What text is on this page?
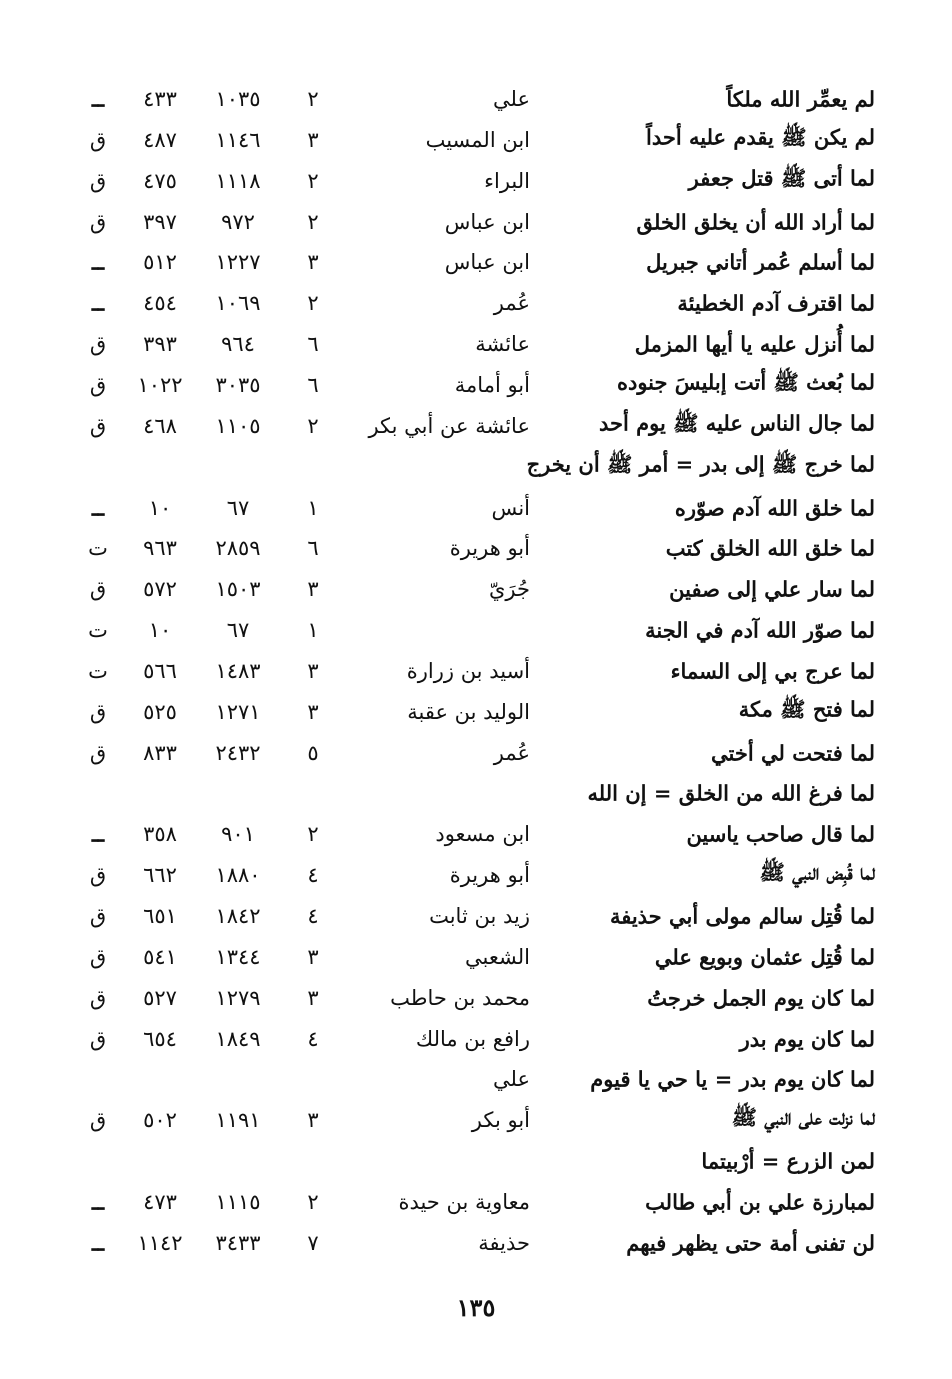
لم يعمِّر الله ملكاً
علي
٢
١٠٣٥
٤٣٣
ــ
لم يكن ﷺ يقدم عليه أحداً
ابن المسيب
٣
١١٤٦
٤٨٧
ق
لما أتى ﷺ قتل جعفر
البراء
٢
١١١٨
٤٧٥
ق
لما أراد الله أن يخلق الخلق
ابن عباس
٢
٩٧٢
٣٩٧
ق
لما أسلم عُمر أتاني جبريل
ابن عباس
٣
١٢٢٧
٥١٢
ــ
لما اقترف آدم الخطيئة
عُمر
٢
١٠٦٩
٤٥٤
ــ
لما أُنزل عليه يا أيها المزمل
عائشة
٦
٩٦٤
٣٩٣
ق
لما بُعث ﷺ أتت إبليسَ جنوده
أبو أمامة
٦
٣٠٣٥
١٠٢٢
ق
لما جال الناس عليه ﷺ يوم أحد
عائشة عن أبي بكر
٢
١١٠٥
٤٦٨
ق
لما خرج ﷺ إلى بدر = أمر ﷺ أن يخرج
لما خلق الله آدم صوّره
أنس
١
٦٧
١٠
ــ
لما خلق الله الخلق كتب
أبو هريرة
٦
٢٨٥٩
٩٦٣
ت
لما سار علي إلى صفين
جُرَيّ
٣
١٥٠٣
٥٧٢
ق
لما صوّر الله آدم في الجنة
١
٦٧
١٠
ت
لما عرج بي إلى السماء
أسيد بن زرارة
٣
١٤٨٣
٥٦٦
ت
لما فتح ﷺ مكة
الوليد بن عقبة
٣
١٢٧١
٥٢٥
ق
لما فتحت لي أختي
عُمر
٥
٢٤٣٢
٨٣٣
ق
لما فرغ الله من الخلق = إن الله
لما قال صاحب ياسين
ابن مسعود
٢
٩٠١
٣٥٨
ــ
لما قُبِض النبي ﷺ
أبو هريرة
٤
١٨٨٠
٦٦٢
ق
لما قُتِل سالم مولى أبي حذيفة
زيد بن ثابت
٤
١٨٤٢
٦٥١
ق
لما قُتِل عثمان وبويع علي
الشعبي
٣
١٣٤٤
٥٤١
ق
لما كان يوم الجمل خرجتُ
محمد بن حاطب
٣
١٢٧٩
٥٢٧
ق
لما كان يوم بدر
رافع بن مالك
٤
١٨٤٩
٦٥٤
ق
لما كان يوم بدر = يا حي يا قيوم
علي
لما نزلت على النبي ﷺ
أبو بكر
٣
١١٩١
٥٠٢
ق
لمن الزرع = أرْبيتما
لمبارزة علي بن أبي طالب
معاوية بن حيدة
٢
١١١٥
٤٧٣
ــ
لن تفنى أمة حتى يظهر فيهم
حذيفة
٧
٣٤٣٣
١١٤٢
ــ
١٣٥
